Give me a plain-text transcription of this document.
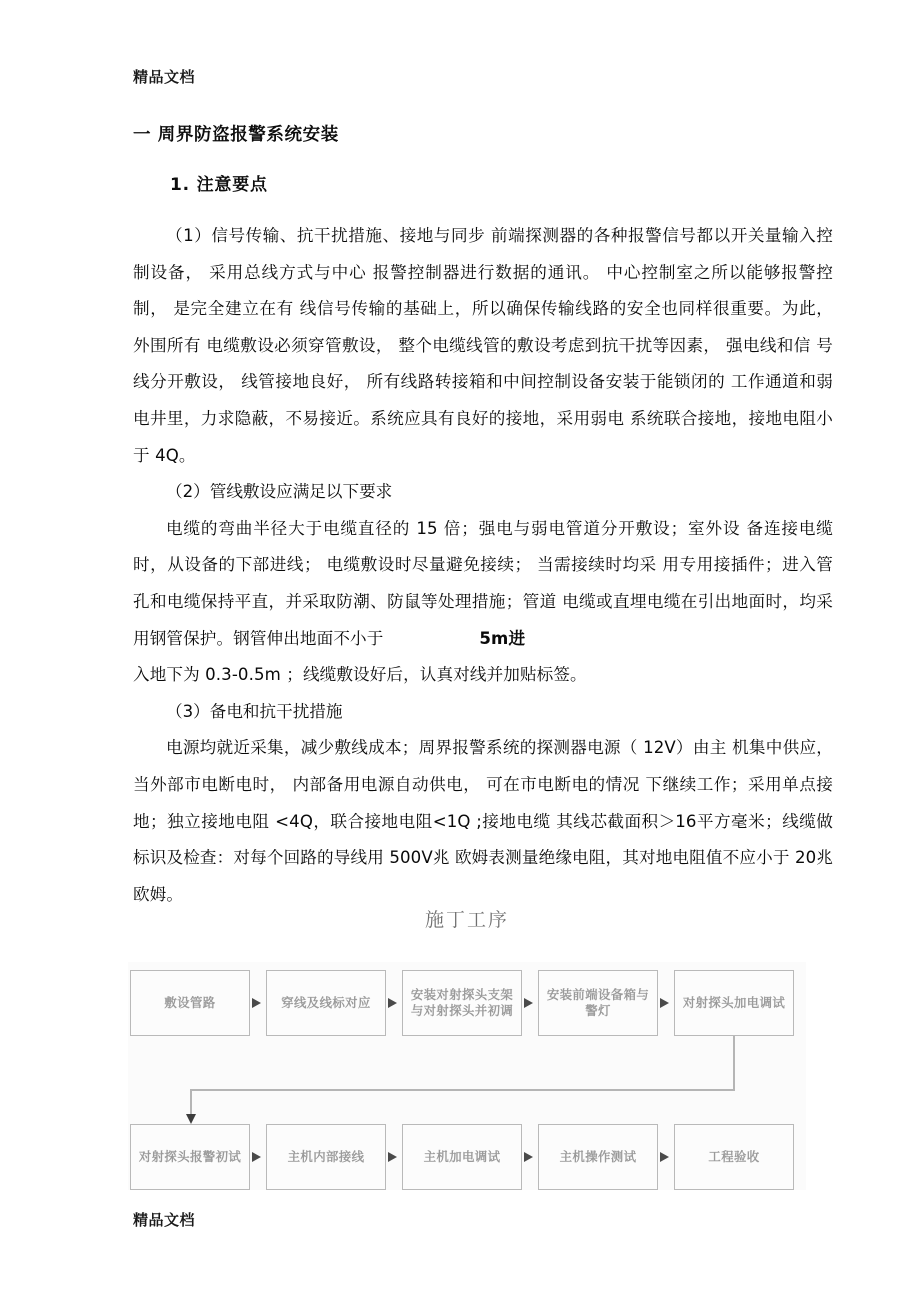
精品文档
一 周界防盗报警系统安装
1. 注意要点

（1）信号传输、抗干扰措施、接地与同步 前端探测器的各种报警信号都以开关量输入控制设备， 采用总线方式与中心 报警控制器进行数据的通讯。 中心控制室之所以能够报警控制， 是完全建立在有 线信号传输的基础上，所以确保传输线路的安全也同样很重要。为此， 外围所有 电缆敷设必须穿管敷设， 整个电缆线管的敷设考虑到抗干扰等因素， 强电线和信 号线分开敷设， 线管接地良好， 所有线路转接箱和中间控制设备安装于能锁闭的 工作通道和弱电井里，力求隐蔽，不易接近。系统应具有良好的接地，采用弱电 系统联合接地，接地电阻小于 4Q。

（2）管线敷设应满足以下要求

电缆的弯曲半径大于电缆直径的 15 倍；强电与弱电管道分开敷设；室外设 备连接电缆时，从设备的下部进线； 电缆敷设时尽量避免接续； 当需接续时均采 用专用接插件；进入管孔和电缆保持平直，并采取防潮、防鼠等处理措施；管道 电缆或直埋电缆在引出地面时，均采用钢管保护。钢管伸出地面不小于	5m进

入地下为 0.3-0.5m ；线缆敷设好后，认真对线并加贴标签。

（3）备电和抗干扰措施

电源均就近采集，减少敷线成本；周界报警系统的探测器电源（ 12V）由主 机集中供应，当外部市电断电时， 内部备用电源自动供电， 可在市电断电的情况 下继续工作；采用单点接地；独立接地电阻 <4Q，联合接地电阻<1Q ;接地电缆 其线芯截面积＞16平方毫米；线缆做标识及检查：对每个回路的导线用 500V兆 欧姆表测量绝缘电阻，其对地电阻值不应小于 20兆欧姆。

施丁工序
敷设管路	穿线及线标对应
安装对射探头支架与对射探头并初调
安装前端设备箱与警灯
对射探头加电调试
对射探头报警初试	主机内部接线	主机加电调试	主机操作测试	工程验收
精品文档
